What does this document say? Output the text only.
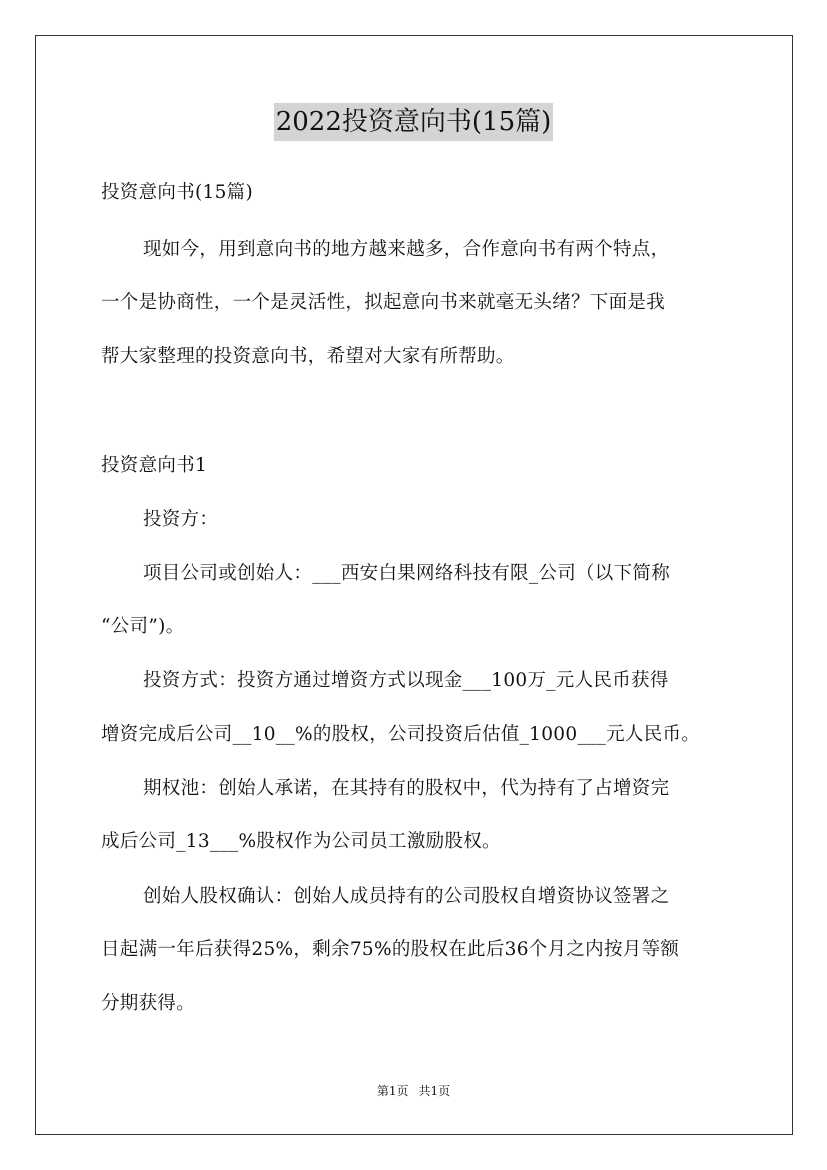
2022投资意向书(15篇)
投资意向书(15篇)
现如今，用到意向书的地方越来越多，合作意向书有两个特点，
一个是协商性，一个是灵活性，拟起意向书来就毫无头绪？下面是我
帮大家整理的投资意向书，希望对大家有所帮助。
投资意向书1
投资方：
项目公司或创始人：___西安白果网络科技有限_公司（以下简称
“公司”)。
投资方式：投资方通过增资方式以现金___100万_元人民币获得
增资完成后公司__10__%的股权，公司投资后估值_1000___元人民币。
期权池：创始人承诺，在其持有的股权中，代为持有了占增资完
成后公司_13___%股权作为公司员工激励股权。
创始人股权确认：创始人成员持有的公司股权自增资协议签署之
日起满一年后获得25%，剩余75%的股权在此后36个月之内按月等额
分期获得。
第1页 共1页
